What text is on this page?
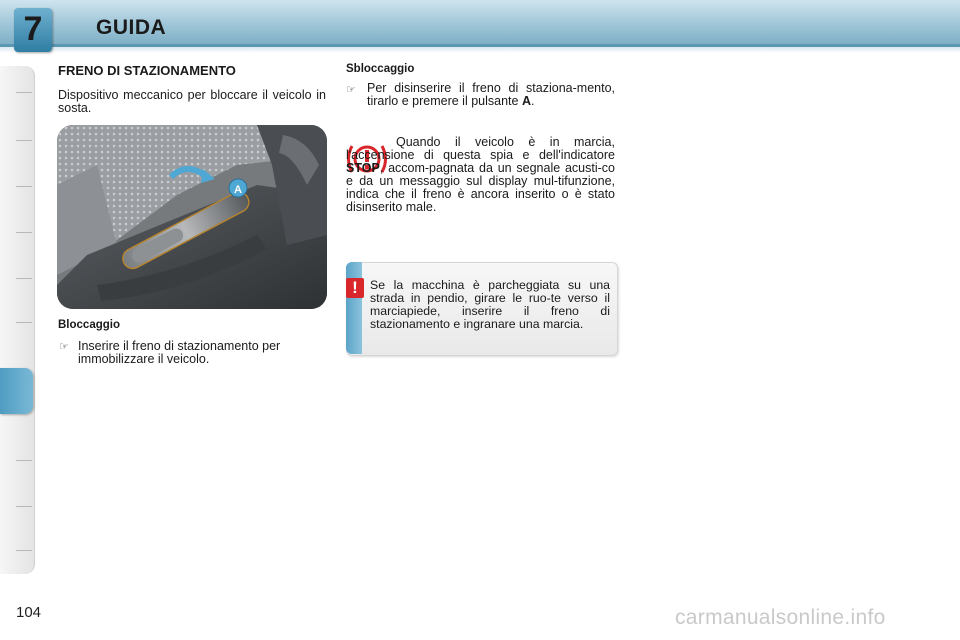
7	GUIDA
FRENO DI STAZIONAMENTO
Dispositivo meccanico per bloccare il veicolo in sosta.
A
Bloccaggio
☞ Inserire il freno di stazionamento per immobilizzare il veicolo.
Sbloccaggio
☞ Per disinserire il freno di staziona-mento, tirarlo e premere il pulsante A.
Quando il veicolo è in marcia, l'accensione di questa spia e dell'indicatore STOP, accom-pagnata da un segnale acusti-co e da un messaggio sul display mul-tifunzione, indica che il freno è ancora inserito o è stato disinserito male.
! Se la macchina è parcheggiata su una strada in pendio, girare le ruo-te verso il marciapiede, inserire il freno di stazionamento e ingranare una marcia.
104	carmanualsonline.info
